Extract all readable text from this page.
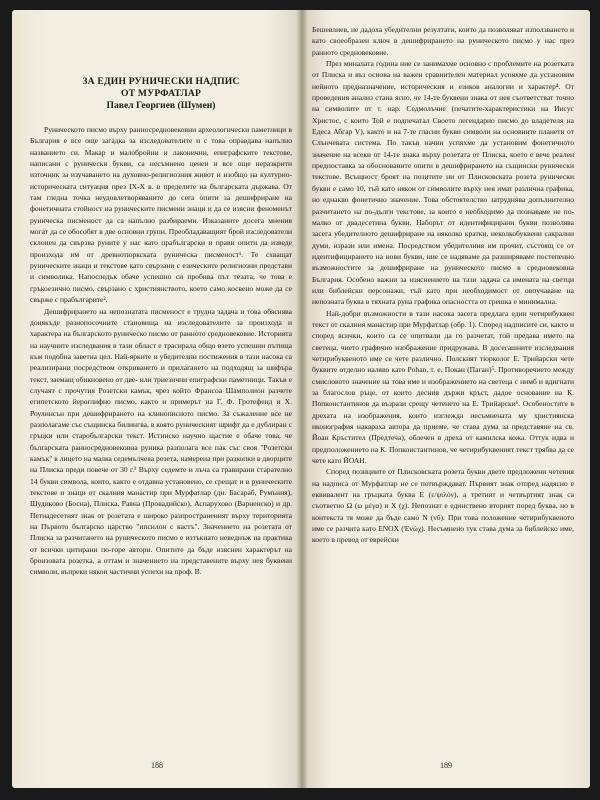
ЗА ЕДИН РУНИЧЕСКИ НАДПИС

ОТ МУРФАТЛАР

Павел Георгиев (Шумен)

Руническото писмо върху ранносредновековни археологически паметници в България е все още загадка за изследователите и с това оправдава напълно названието си. Макар и малобройни и лаконични, епиграфските текстове, написани с рунически букви, са несъмнено ценен и все още неразкрити източник за изучаването на духовно-религиозния живот и изобщо на културно-историческата ситуация през IX-X в. в пределите на българската държава. От там гледна точка неудовлетворяваните до сега опити за дешифриране на фонетичната стойност на руническите писмени знаци и да се изясни феноменът руническа писменост да са напълно разбираеми. Изказаните досега мнения могат да се обособят в две основни групи. Преобладаващият брой изследователи склонен да свързва руните у нас като прабългарски и прави опити да изведе произхода им от древнотюркската руническа писменост¹. Те схващат руническите знаци и текстове като свързани с езическите религиозни представи и символика. Напоследък обаче успешно си пробива път тезата, че това е гръкоезично писмо, свързано с християнството, което само косвено може да се свърже с прабългарите².

Дешифрирането на непознатата писменост е трудна задача и това обяснява донякъде разнопосочните становища на изследователите за произхода и характера на българското руническо писмо от ранното средновековие. Историята на научните изследвания в тази област е трасирала общо взето успешни пътища към подобна заветна цел. Най-ярките и убедителни постижения в тази насока са реализирани посредством откриването и прилагането на подходящ за шифъра текст, заемащ обикновено от две- или триезични епиграфски паметници. Такъв е случаят с прочутия Розетски камък, чрез който Франсоа Шамполион разчете египетското йероглифно писмо, както и примерът на Г. Ф. Гротефенд и Х. Роулинсън при дешифрирането на клинописното писмо. За съжаление все не разполагаме със същинска билингва, в която руническият шрифт да е дублиран с гръцки или старобългарски текст. Истинско научно щастие е обаче това, че българската ранносредновековна руника разполага все пак със своя "Розетски камък" в лицето на малка седемълчева розета, намерена при разкопки в дворците на Плиска преди повече от 30 г.³ Върху седемте и лъча са гравирани старателно 14 букви символа, които, както е отдавна установено, се срещат и в руническите текстове и знаци от скалния манастир при Мурфатлар (дн. Басараб, Румъния), Шудиково (Босна), Плиска, Равна (Провадийско), Аспарухово (Варненско) и др. Петнадесетият знак от розетата е широко разпространеният върху територията на Първото българско царство "ипсилон с кастъ". Значението на розетата от Плиска за разчитането на руническото писмо е изтъкнато неведнъж на практика от всички цитирани по-горе автори. Опитите да бъде изяснен характерът на бронзовата розетка, а оттам и значението на представените върху нея буквени символи, въпреки някои частични успехи на проф. В.

188

Бешевлиев, не дадоха убедителни резултати, които да позволяват използването и като своеобразен ключ в дешифрирането на руническото писмо у нас през ранното средновековие.

През миналата година ние се занимахме основно с проблемите на розетката от Плиска и въз основа на важен сравнителен материал успяхме да установим нейното предназначение, историческия и езиков аналогии и характер⁴. От проведения анализ стана ясно, че 14-те буквени знака от нея съответстват точно на символите от т. нар. Седмолъчие (печатите-характеристики на Иисус Христос, с които Той е подпечатал Своето легендарно писмо до владетеля на Едеса Абгар V), както и на 7-те гласни букви символи на основните планети от Слънчевата система. По такъв начин успяхме да установим фонетичното значение на всеки от 14-те знака върху розетата от Плиска, което е вече реален предпоставка за обоснованите опити в дешифрирането на същински рунически текстове. Всъщност броят на позитите ни от Плисковската розета рунически букви е само 10, тъй като някои от символите върху нея имат различна графика, но еднакво фонетично значение. Това обстоятелство затруднява допълнително разчитането на по-дълги текстове, за които е необходимо да познаваме не по-малко от двадесетина букви. Наборът от идентифицирани букви позволява засега убедителното дешифриране на няколко кратки, неколкобуквени сакрални думи, изрази или имена. Посредством убедителния им прочит, състоящ се от идентифицирането на нови букви, ние се надяваме да разширяваме постепенно възможностите за дешифриране на руническото писмо в средновековна България. Особено важни за изяснението на тази задача са имената на светци или библейски персонажи, тъй като при необходимост от овпучаване на непозната буква в тяхната руна графика опасността от грешка е минимална.

Най-добри възможности в тази насока засега предлага един четирибуквен текст от скалния манастир при Мурфатлар (обр. 1). Според надписите си, както и според всички, които са се опитвали да го разчетат, той предава името на светеца, чието графично изображение придружава. В досегашните изследвания четирибуквеното име се чете различно. Полският тюрколог Е. Трийарски чете буквите отделно наляво като Pohan, т. е. Покан (Паган)⁵. Противоречието между смисловото значение на това име и изображението на светеца с нимб и вдигнати за благослов ръце, от които десния държи кръст, дадое основание на К. Попконстантинов да възрази срещу четенето на Е. Трийарски⁶. Особеностите в дрехата на изображения, които изглежда несъмнената му християнска иконография накараха автора да приеме, че става дума за представяне на св. Йоан Кръстител (Предтеча), облечен в дреха от камилска кожа. Оттук идва и предположението на К. Попконстантинов, че четирибуквеният текст трябва да се чете като ЙОАН.

Според позициите от Плисковската розета букви двете предложени четения на надписа от Мурфатлар не се потвърждават. Първият знак отпред надясно е еквивалент на гръцката буква Е (ε/ψιλόν), а третият и четвъртият знак са съответно Ω (ω μέγα) и Χ (χ). Непознат е единствено вторият поред буква, но в контекста тя може да бъде само N (νῦ). При това положение четирибуквеното име се разчита като ΕΝΟΧ (Ἐνώχ). Несъмнено тук става дума за библейско име, което в превод от еврейски

189
